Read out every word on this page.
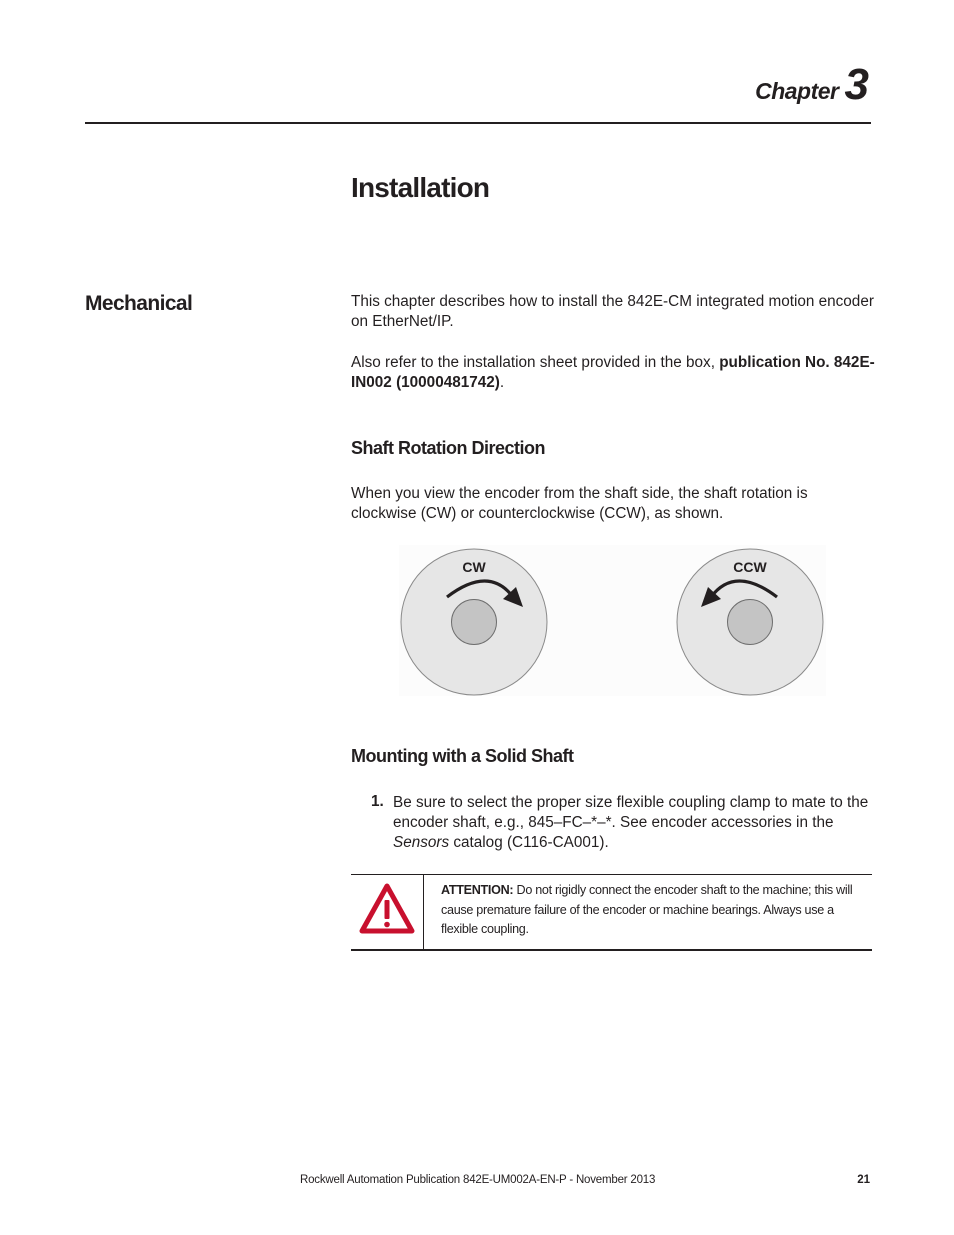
Chapter 3
Installation
Mechanical	This chapter describes how to install the 842E-CM integrated motion encoder on EtherNet/IP.
Also refer to the installation sheet provided in the box, publication No. 842E-IN002 (10000481742).
Shaft Rotation Direction
When you view the encoder from the shaft side, the shaft rotation is clockwise (CW) or counterclockwise (CCW), as shown.
CW	CCW
Mounting with a Solid Shaft
1. Be sure to select the proper size flexible coupling clamp to mate to the encoder shaft, e.g., 845–FC–*–*. See encoder accessories in the Sensors catalog (C116-CA001).
ATTENTION: Do not rigidly connect the encoder shaft to the machine; this will cause premature failure of the encoder or machine bearings. Always use a flexible coupling.
Rockwell Automation Publication 842E-UM002A-EN-P - November 2013	21
